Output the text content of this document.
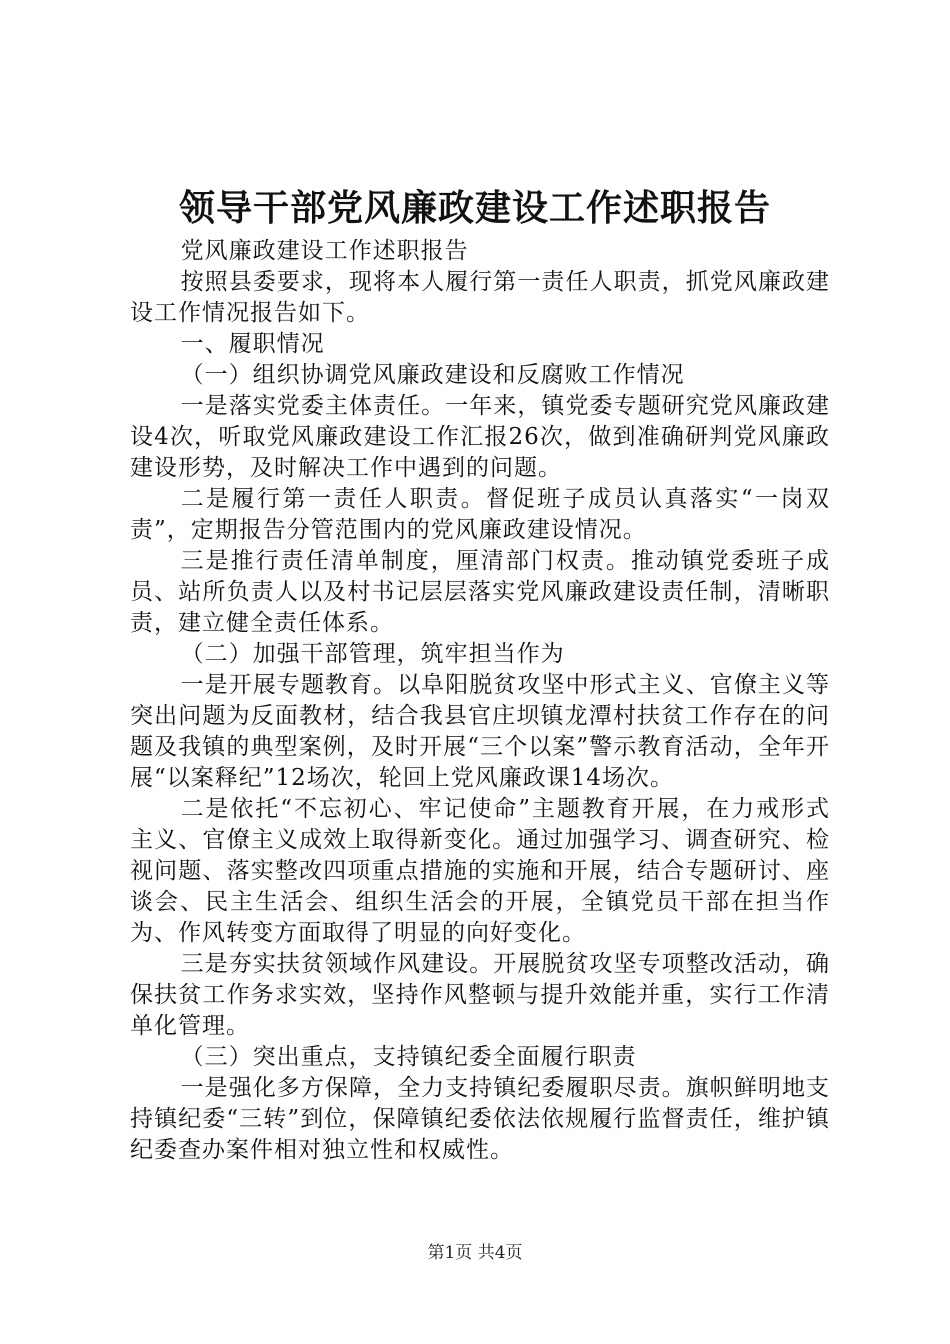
领导干部党风廉政建设工作述职报告

党风廉政建设工作述职报告

按照县委要求，现将本人履行第一责任人职责，抓党风廉政建设工作情况报告如下。

一、履职情况

（一）组织协调党风廉政建设和反腐败工作情况

一是落实党委主体责任。一年来，镇党委专题研究党风廉政建设4次，听取党风廉政建设工作汇报26次，做到准确研判党风廉政建设形势，及时解决工作中遇到的问题。

二是履行第一责任人职责。督促班子成员认真落实“一岗双责”，定期报告分管范围内的党风廉政建设情况。

三是推行责任清单制度，厘清部门权责。推动镇党委班子成员、站所负责人以及村书记层层落实党风廉政建设责任制，清晰职责，建立健全责任体系。

（二）加强干部管理，筑牢担当作为

一是开展专题教育。以阜阳脱贫攻坚中形式主义、官僚主义等突出问题为反面教材，结合我县官庄坝镇龙潭村扶贫工作存在的问题及我镇的典型案例，及时开展“三个以案”警示教育活动，全年开展“以案释纪”12场次，轮回上党风廉政课14场次。

二是依托“不忘初心、牢记使命”主题教育开展，在力戒形式主义、官僚主义成效上取得新变化。通过加强学习、调查研究、检视问题、落实整改四项重点措施的实施和开展，结合专题研讨、座谈会、民主生活会、组织生活会的开展，全镇党员干部在担当作为、作风转变方面取得了明显的向好变化。

三是夯实扶贫领域作风建设。开展脱贫攻坚专项整改活动，确保扶贫工作务求实效，坚持作风整顿与提升效能并重，实行工作清单化管理。

（三）突出重点，支持镇纪委全面履行职责

一是强化多方保障，全力支持镇纪委履职尽责。旗帜鲜明地支持镇纪委“三转”到位，保障镇纪委依法依规履行监督责任，维护镇纪委查办案件相对独立性和权威性。

第1页 共4页
